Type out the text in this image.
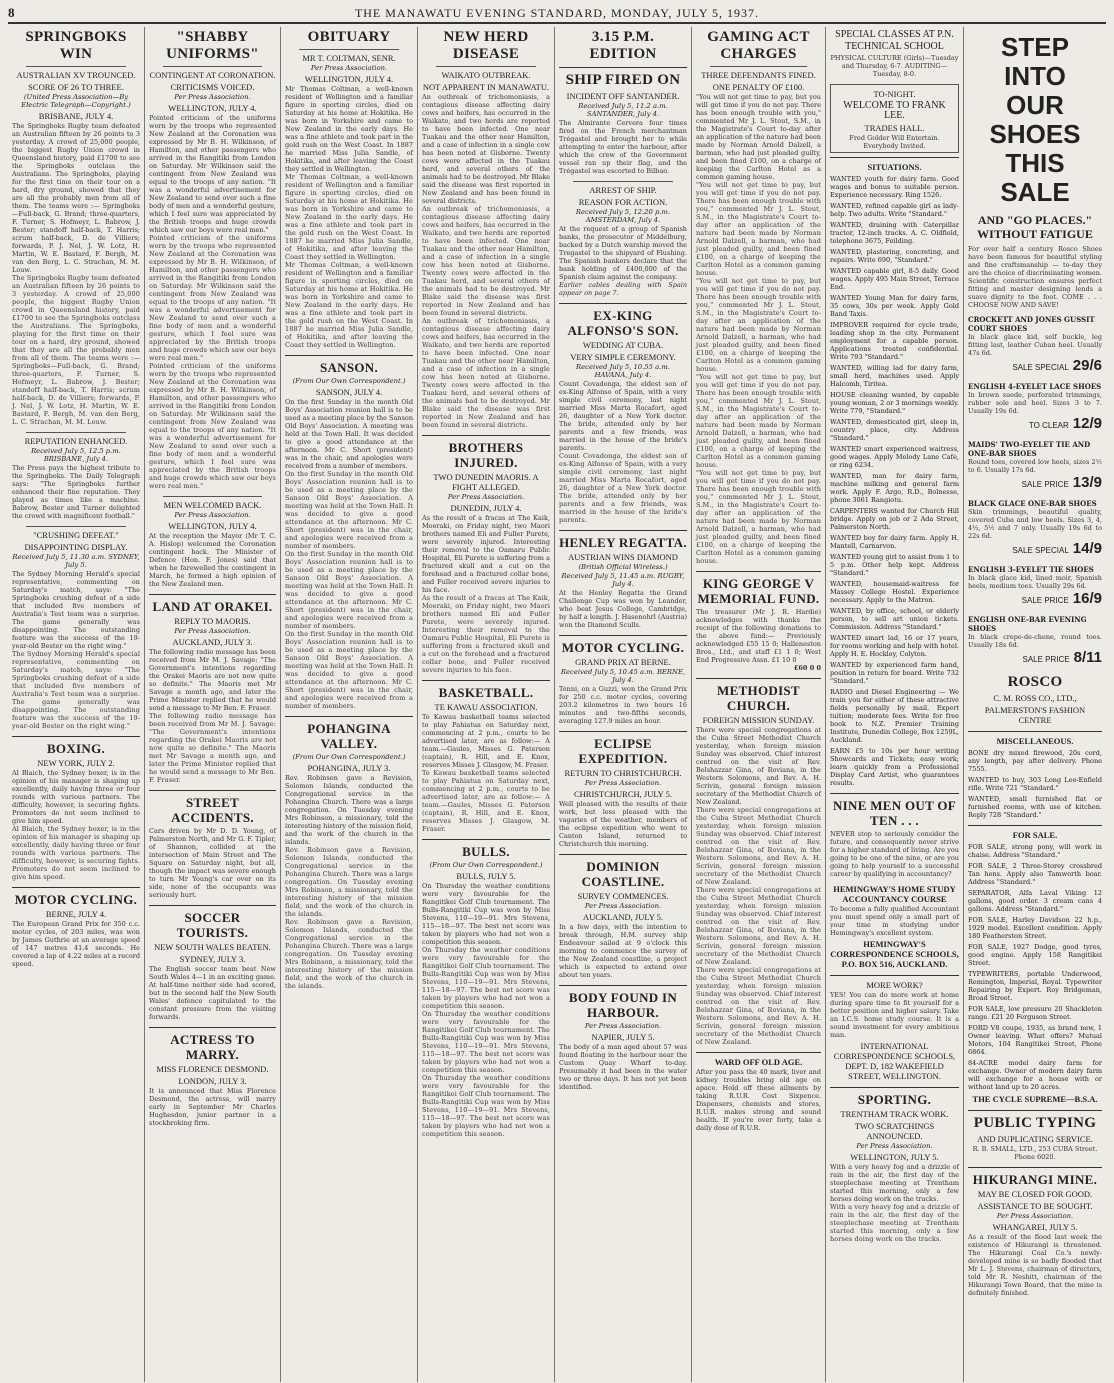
8	THE MANAWATU EVENING STANDARD, MONDAY, JULY 5, 1937.
SPRINGBOKS WIN
AUSTRALIAN XV TROUNCED.
SCORE OF 26 TO THREE.
(United Press Association—By Electric Telegraph—Copyright.)
BRISBANE, JULY 4.

The Springboks Rugby team defeated an Australian fifteen by 26 points to 3 yesterday. A crowd of 25,000 people, the biggest Rugby Union crowd in Queensland history, paid £1700 to see the Springboks outclass the Australians. The Springboks, playing for the first time on their tour on a hard, dry ground, showed that they are all the probably men from all of them. The teams were :— Springboks—Full-back, G. Brand; three-quarters, F. Turner, S. Hofmeyr, L. Babrow, J. Bester; standoff half-back, T. Harris; scrum half-back, D. de Villiers; forwards, P. J. Nel, J. W. Lotz, H. Martin, W. E. Bastard, F. Bergh, M. van den Berg, L. C. Strachan, M. M. Louw.

The Springboks Rugby team defeated an Australian fifteen by 26 points to 3 yesterday. A crowd of 25,000 people, the biggest Rugby Union crowd in Queensland history, paid £1700 to see the Springboks outclass the Australians. The Springboks, playing for the first time on their tour on a hard, dry ground, showed that they are all the probably men from all of them. The teams were :— Springboks—Full-back, G. Brand; three-quarters, F. Turner, S. Hofmeyr, L. Babrow, J. Bester; standoff half-back, T. Harris; scrum half-back, D. de Villiers; forwards, P. J. Nel, J. W. Lotz, H. Martin, W. E. Bastard, F. Bergh, M. van den Berg, L. C. Strachan, M. M. Louw.

REPUTATION ENHANCED.
Received July 5, 12.5 p.m. BRISBANE, July 4.

The Press pays the highest tribute to the Springboks. The Daily Telegraph says: "The Springboks further enhanced their fine reputation. They played as times like a machine. Babrow, Bester and Turner delighted the crowd with magnificent football."

"CRUSHING DEFEAT."
DISAPPOINTING DISPLAY.
Received July 5, 11.30 a.m. SYDNEY, July 5.

The Sydney Morning Herald's special representative, commenting on Saturday's match, says: "The Springboks crushing defeat of a side that included five members of Australia's Test team was a surprise. The game generally was disappointing. The outstanding feature was the success of the 19-year-old Bester on the right wing."

The Sydney Morning Herald's special representative, commenting on Saturday's match, says: "The Springboks crushing defeat of a side that included five members of Australia's Test team was a surprise. The game generally was disappointing. The outstanding feature was the success of the 19-year-old Bester on the right wing."

BOXING.
NEW YORK, JULY 2.

Al Blaich, the Sydney boxer, is in the opinion of his manager is shaping up excellently, daily having three or four rounds with various partners. The difficulty, however, is securing fights. Promoters do not seem inclined to give him speed.

Al Blaich, the Sydney boxer, is in the opinion of his manager is shaping up excellently, daily having three or four rounds with various partners. The difficulty, however, is securing fights. Promoters do not seem inclined to give him speed.

MOTOR CYCLING.
BERNE, JULY 4.

The European Grand Prix for 350 c.c. motor cycles, of 203 miles, was won by James Guthrie at an average speed of 147 metres 41.4 seconds. He covered a lap of 4.22 miles at a record speed.

"SHABBY UNIFORMS"
CONTINGENT AT CORONATION.
CRITICISMS VOICED.
Per Press Association.
WELLINGTON, JULY 4.

Pointed criticism of the uniforms worn by the troops who represented New Zealand at the Coronation was expressed by Mr B. H. Wilkinson, of Hamilton, and other passengers who arrived in the Rangitiki from London on Saturday. Mr Wilkinson said the contingent from New Zealand was equal to the troops of any nation. "It was a wonderful advertisement for New Zealand to send over such a fine body of men and a wonderful gesture, which I feel sure was appreciated by the British troops and huge crowds which saw our boys were real men."

Pointed criticism of the uniforms worn by the troops who represented New Zealand at the Coronation was expressed by Mr B. H. Wilkinson, of Hamilton, and other passengers who arrived in the Rangitiki from London on Saturday. Mr Wilkinson said the contingent from New Zealand was equal to the troops of any nation. "It was a wonderful advertisement for New Zealand to send over such a fine body of men and a wonderful gesture, which I feel sure was appreciated by the British troops and huge crowds which saw our boys were real men."

Pointed criticism of the uniforms worn by the troops who represented New Zealand at the Coronation was expressed by Mr B. H. Wilkinson, of Hamilton, and other passengers who arrived in the Rangitiki from London on Saturday. Mr Wilkinson said the contingent from New Zealand was equal to the troops of any nation. "It was a wonderful advertisement for New Zealand to send over such a fine body of men and a wonderful gesture, which I feel sure was appreciated by the British troops and huge crowds which saw our boys were real men."

MEN WELCOMED BACK.
Per Press Association.
WELLINGTON, JULY 4.

At the reception the Mayor (Mr T. C. A. Hislop) welcomed the Coronation contingent back. The Minister of Defence (Hon. F. Jones) said that when he farewelled the contingent in March, he formed a high opinion of the New Zealand men.

LAND AT ORAKEI.
REPLY TO MAORIS.
Per Press Association.
AUCKLAND, JULY 3.

The following radio message has been received from Mr M. J. Savage: "The Government's intentions regarding the Orakei Maoris are not now quite so definite." The Maoris met Mr Savage a month ago, and later the Prime Minister replied that he would send a message to Mr Ben. F. Fraser.

The following radio message has been received from Mr M. J. Savage: "The Government's intentions regarding the Orakei Maoris are not now quite so definite." The Maoris met Mr Savage a month ago, and later the Prime Minister replied that he would send a message to Mr Ben. F. Fraser.

STREET ACCIDENTS.

Cars driven by Mr D. D. Young, of Palmerston North, and Mr G. F. Tipler, of Shannon, collided at the intersection of Main Street and The Square on Saturday night, but all, though the impact was severe enough to turn Mr Young's car over on its side, none of the occupants was seriously hurt.

SOCCER TOURISTS.
NEW SOUTH WALES BEATEN.
SYDNEY, JULY 3.

The English soccer team beat New South Wales 4—1 in an exciting game. At half-time neither side had scored, but in the second half the New South Wales' defence capitulated to the constant pressure from the visiting forwards.

ACTRESS TO MARRY.
MISS FLORENCE DESMOND.
LONDON, JULY 3.

It is announced that Miss Florence Desmond, the actress, will marry early in September Mr Charles Hughesdon, junior partner in a stockbroking firm.

OBITUARY
MR T. COLTMAN, SENR.
Per Press Association.
WELLINGTON, JULY 4.

Mr Thomas Coltman, a well-known resident of Wellington and a familiar figure in sporting circles, died on Saturday at his home at Hokitika. He was born in Yorkshire and came to New Zealand in the early days. He was a fine athlete and took part in the gold rush on the West Coast. In 1887 he married Miss Julia Sandle, of Hokitika, and after leaving the Coast they settled in Wellington.

Mr Thomas Coltman, a well-known resident of Wellington and a familiar figure in sporting circles, died on Saturday at his home at Hokitika. He was born in Yorkshire and came to New Zealand in the early days. He was a fine athlete and took part in the gold rush on the West Coast. In 1887 he married Miss Julia Sandle, of Hokitika, and after leaving the Coast they settled in Wellington.

Mr Thomas Coltman, a well-known resident of Wellington and a familiar figure in sporting circles, died on Saturday at his home at Hokitika. He was born in Yorkshire and came to New Zealand in the early days. He was a fine athlete and took part in the gold rush on the West Coast. In 1887 he married Miss Julia Sandle, of Hokitika, and after leaving the Coast they settled in Wellington.

SANSON.
(From Our Own Correspondent.)
SANSON, JULY 4.

On the first Sunday in the month Old Boys' Association reunion hall is to be used as a meeting place by the Sanson Old Boys' Association. A meeting was held at the Town Hall. It was decided to give a good attendance at the afternoon. Mr C. Short (president) was in the chair, and apologies were received from a number of members.

On the first Sunday in the month Old Boys' Association reunion hall is to be used as a meeting place by the Sanson Old Boys' Association. A meeting was held at the Town Hall. It was decided to give a good attendance at the afternoon. Mr C. Short (president) was in the chair, and apologies were received from a number of members.

On the first Sunday in the month Old Boys' Association reunion hall is to be used as a meeting place by the Sanson Old Boys' Association. A meeting was held at the Town Hall. It was decided to give a good attendance at the afternoon. Mr C. Short (president) was in the chair, and apologies were received from a number of members.

On the first Sunday in the month Old Boys' Association reunion hall is to be used as a meeting place by the Sanson Old Boys' Association. A meeting was held at the Town Hall. It was decided to give a good attendance at the afternoon. Mr C. Short (president) was in the chair, and apologies were received from a number of members.

POHANGINA VALLEY.
(From Our Own Correspondent.)
POHANGINA, JULY 3.

Rev. Robinson gave a Revision, Solomon Islands, conducted the Congregational service in the Pohangina Church. There was a large congregation. On Tuesday evening Mrs Robinson, a missionary, told the interesting history of the mission field, and the work of the church in the islands.

Rev. Robinson gave a Revision, Solomon Islands, conducted the Congregational service in the Pohangina Church. There was a large congregation. On Tuesday evening Mrs Robinson, a missionary, told the interesting history of the mission field, and the work of the church in the islands.

Rev. Robinson gave a Revision, Solomon Islands, conducted the Congregational service in the Pohangina Church. There was a large congregation. On Tuesday evening Mrs Robinson, a missionary, told the interesting history of the mission field, and the work of the church in the islands.

NEW HERD DISEASE
WAIKATO OUTBREAK.
NOT APPARENT IN MANAWATU.

An outbreak of trichomoniasis, a contagious disease affecting dairy cows and heifers, has occurred in the Waikato, and two herds are reported to have been infected. One near Tuakau and the other near Hamilton, and a case of infection in a single cow has been noted at Gisborne. Twenty cows were affected in the Tuakau herd, and several others of the animals had to be destroyed. Mr Blake said the disease was first reported in New Zealand and has been found in several districts.

An outbreak of trichomoniasis, a contagious disease affecting dairy cows and heifers, has occurred in the Waikato, and two herds are reported to have been infected. One near Tuakau and the other near Hamilton, and a case of infection in a single cow has been noted at Gisborne. Twenty cows were affected in the Tuakau herd, and several others of the animals had to be destroyed. Mr Blake said the disease was first reported in New Zealand and has been found in several districts.

An outbreak of trichomoniasis, a contagious disease affecting dairy cows and heifers, has occurred in the Waikato, and two herds are reported to have been infected. One near Tuakau and the other near Hamilton, and a case of infection in a single cow has been noted at Gisborne. Twenty cows were affected in the Tuakau herd, and several others of the animals had to be destroyed. Mr Blake said the disease was first reported in New Zealand and has been found in several districts.

BROTHERS INJURED.
TWO DUNEDIN MAORIS. A FIGHT ALLEGED.
Per Press Association.
DUNEDIN, JULY 4.

As the result of a fracas at The Kaik, Moeraki, on Friday night, two Maori brothers named Eli and Fuller Purete, were severely injured. Interesting their removal to the Oamaru Public Hospital, Eli Purete is suffering from a fractured skull and a cut on the forehead and a fractured collar bone, and Fuller received severe injuries to his face.

As the result of a fracas at The Kaik, Moeraki, on Friday night, two Maori brothers named Eli and Fuller Purete, were severely injured. Interesting their removal to the Oamaru Public Hospital, Eli Purete is suffering from a fractured skull and a cut on the forehead and a fractured collar bone, and Fuller received severe injuries to his face.

BASKETBALL.
TE KAWAU ASSOCIATION.

Te Kawau basketball teams selected to play Pahiatua on Saturday next, commencing at 2 p.m., courts to be advertised later, are as follow:— A team.—Gaules, Misses G. Paterson (captain), R. Hill, and E. Knox, reserves Misses J. Glasgow, M. Fraser.

Te Kawau basketball teams selected to play Pahiatua on Saturday next, commencing at 2 p.m., courts to be advertised later, are as follow:— A team.—Gaules, Misses G. Paterson (captain), R. Hill, and E. Knox, reserves Misses J. Glasgow, M. Fraser.

BULLS.
(From Our Own Correspondent.)
BULLS, JULY 5.

On Thursday the weather conditions were very favourable for the Rangitikei Golf Club tournament. The Bulls-Rangitiki Cup was won by Miss Stevens, 110—19—91. Mrs Stevens, 115—18—97. The best net score was taken by players who had not won a competition this season.

On Thursday the weather conditions were very favourable for the Rangitikei Golf Club tournament. The Bulls-Rangitiki Cup was won by Miss Stevens, 110—19—91. Mrs Stevens, 115—18—97. The best net score was taken by players who had not won a competition this season.

On Thursday the weather conditions were very favourable for the Rangitikei Golf Club tournament. The Bulls-Rangitiki Cup was won by Miss Stevens, 110—19—91. Mrs Stevens, 115—18—97. The best net score was taken by players who had not won a competition this season.

On Thursday the weather conditions were very favourable for the Rangitikei Golf Club tournament. The Bulls-Rangitiki Cup was won by Miss Stevens, 110—19—91. Mrs Stevens, 115—18—97. The best net score was taken by players who had not won a competition this season.

3.15 P.M. EDITION
SHIP FIRED ON
INCIDENT OFF SANTANDER.
Received July 5, 11.2 a.m. SANTANDER, July 4.

The Almirante Cervera four times fired on the French merchantman Trégastel and brought her to while attempting to enter the harbour, after which the crew of the Government vessel ran up their flag, and the Trégastel was escorted to Bilbao.

ARREST OF SHIP.
REASON FOR ACTION.
Received July 5, 12.20 p.m. AMSTERDAM, July 4.

At the request of a group of Spanish banks, the prosecutor of Middelburg, backed by a Dutch warship moved the Tregastel to the shipyard of Flushing. The Spanish bankers declare that the bank holding of £400,000 of the Spanish claim against the company.

Earlier cables dealing with Spain appear on page 7.

EX-KING ALFONSO'S SON.
WEDDING AT CUBA.
VERY SIMPLE CEREMONY.
Received July 5, 10.55 a.m. HAVANA, July 4.

Count Covadonga, the eldest son of ex-King Alfonso of Spain, with a very simple civil ceremony, last night married Miss Marta Rocafort, aged 26, daughter of a New York doctor. The bride, attended only by her parents and a few friends, was married in the house of the bride's parents.

Count Covadonga, the eldest son of ex-King Alfonso of Spain, with a very simple civil ceremony, last night married Miss Marta Rocafort, aged 26, daughter of a New York doctor. The bride, attended only by her parents and a few friends, was married in the house of the bride's parents.

HENLEY REGATTA.
AUSTRIAN WINS DIAMOND
(British Official Wireless.)
Received July 5, 11.45 a.m. RUGBY, July 4.

At the Henley Regatta the Grand Challenge Cup was won by Leander, who beat Jesus College, Cambridge, by half a length. J. Hasenohrl (Austria) won the Diamond Sculls.

MOTOR CYCLING.
GRAND PRIX AT BERNE.
Received July 5, 10.45 a.m. BERNE, July 4.

Tenni, on a Guzzi, won the Grand Prix for 250 c.c. motor cycles, covering 203.2 kilometres in two hours 16 minutes and two-fifths seconds, averaging 127.9 miles an hour.

ECLIPSE EXPEDITION.
RETURN TO CHRISTCHURCH.
Per Press Association.
CHRISTCHURCH, JULY 5.

Well pleased with the results of their work, but less pleased with the vagaries of the weather, members of the eclipse expedition who went to Canton Island, returned to Christchurch this morning.

DOMINION COASTLINE.
SURVEY COMMENCES.
Per Press Association.
AUCKLAND, JULY 5.

In a few days, with the intention to break through, H.M. survey ship Endeavour sailed at 9 o'clock this morning to commence the survey of the New Zealand coastline, a project which is expected to extend over about ten years.

BODY FOUND IN HARBOUR.
Per Press Association.
NAPIER, JULY 5.

The body of a man aged about 57 was found floating in the harbour near the Custom Quay Wharf to-day. Presumably it had been in the water two or three days. It has not yet been identified.

GAMING ACT CHARGES
THREE DEFENDANTS FINED.
ONE PENALTY OF £100.

"You will not get time to pay, but you will get time if you do not pay. There has been enough trouble with you," commented Mr J. L. Stout, S.M., in the Magistrate's Court to-day after an application of the nature had been made by Norman Arnold Dalzell, a barman, who had just pleaded guilty, and been fined £100, on a charge of keeping the Carlton Hotel as a common gaming house.

"You will not get time to pay, but you will get time if you do not pay. There has been enough trouble with you," commented Mr J. L. Stout, S.M., in the Magistrate's Court to-day after an application of the nature had been made by Norman Arnold Dalzell, a barman, who had just pleaded guilty, and been fined £100, on a charge of keeping the Carlton Hotel as a common gaming house.

"You will not get time to pay, but you will get time if you do not pay. There has been enough trouble with you," commented Mr J. L. Stout, S.M., in the Magistrate's Court to-day after an application of the nature had been made by Norman Arnold Dalzell, a barman, who had just pleaded guilty, and been fined £100, on a charge of keeping the Carlton Hotel as a common gaming house.

"You will not get time to pay, but you will get time if you do not pay. There has been enough trouble with you," commented Mr J. L. Stout, S.M., in the Magistrate's Court to-day after an application of the nature had been made by Norman Arnold Dalzell, a barman, who had just pleaded guilty, and been fined £100, on a charge of keeping the Carlton Hotel as a common gaming house.

"You will not get time to pay, but you will get time if you do not pay. There has been enough trouble with you," commented Mr J. L. Stout, S.M., in the Magistrate's Court to-day after an application of the nature had been made by Norman Arnold Dalzell, a barman, who had just pleaded guilty, and been fined £100, on a charge of keeping the Carlton Hotel as a common gaming house.

KING GEORGE V MEMORIAL FUND.

The treasurer (Mr J. R. Hardie) acknowledges with thanks the receipt of the following donations to the above fund:— Previously acknowledged £55 15 0; Halleneston Bros., Ltd., and staff £1 1 0; West End Progressive Assn. £1 10 0

£60 0 0

METHODIST CHURCH.
FOREIGN MISSION SUNDAY.

There were special congregations at the Cuba Street Methodist Church yesterday, when foreign mission Sunday was observed. Chief interest centred on the visit of Rev. Belshazzar Gina, of Roviana, in the Western Solomons, and Rev. A. H. Scrivin, general foreign mission secretary of the Methodist Church of New Zealand.

There were special congregations at the Cuba Street Methodist Church yesterday, when foreign mission Sunday was observed. Chief interest centred on the visit of Rev. Belshazzar Gina, of Roviana, in the Western Solomons, and Rev. A. H. Scrivin, general foreign mission secretary of the Methodist Church of New Zealand.

There were special congregations at the Cuba Street Methodist Church yesterday, when foreign mission Sunday was observed. Chief interest centred on the visit of Rev. Belshazzar Gina, of Roviana, in the Western Solomons, and Rev. A. H. Scrivin, general foreign mission secretary of the Methodist Church of New Zealand.

There were special congregations at the Cuba Street Methodist Church yesterday, when foreign mission Sunday was observed. Chief interest centred on the visit of Rev. Belshazzar Gina, of Roviana, in the Western Solomons, and Rev. A. H. Scrivin, general foreign mission secretary of the Methodist Church of New Zealand.

WARD OFF OLD AGE.

After you pass the 40 mark, liver and kidney troubles bring old age on apace. Hold off these ailments by taking R.U.R. Cost Sixpence. Dispensers, chemists and stores, R.U.R. makes strong and sound health. If you're over forty, take a daily dose of R.U.R.

SPECIAL CLASSES AT P.N. TECHNICAL SCHOOL

PHYSICAL CULTURE (Girls)—Tuesday and Thursday, 6-7. AUDITING—Tuesday, 8-0.

TO-NIGHT.
WELCOME TO FRANK LEE.
TRADES HALL.

Fred Golder Will Entertain. Everybody Invited.

SITUATIONS.

WANTED youth for dairy farm. Good wages and bonus to suitable person. Experience necessary. Ring 1526.

WANTED, refined capable girl as lady-help. Two adults. Write "Standard."

WANTED, draining with Caterpillar tractor, 12-inch tracks. A. C. Oldfield, telephone 3675, Feilding.

WANTED, plastering, concreting, and repairs. Write 690, "Standard."

WANTED capable girl, 8-5 daily. Good wages. Apply 495 Main Street, Terrace End.

WANTED Young Man for dairy farm, 35 cows, 30s per week. Apply Gold Band Taxis.

IMPROVER required for cycle trade, leading shop in the city. Permanent employment for a capable person. Applications treated confidential. Write 793 "Standard."

WANTED, willing lad for dairy farm, small herd, machines used. Apply Halcomb, Tiritea.

HOUSE cleaning wanted, by capable young woman, 2 or 3 mornings weekly. Write 779, "Standard."

WANTED, domesticated girl, sleep in, country place, city. Address "Standard."

WANTED smart experienced waitress, good wages. Apply Melody Lane Cafe, or ring 6234.

WANTED, man for dairy farm, machine milking and general farm work. Apply F. Argo, R.D., Bolnesse, phone 3061 Rangiotu.

CARPENTERS wanted for Church Hill bridge. Apply on job or 2 Ada Street, Palmerston North.

WANTED boy for dairy farm. Apply H. Mantell, Carnarvon.

WANTED young girl to assist from 1 to 5 p.m. Other help kept. Address "Standard."

WANTED, housemaid-waitress for Massey College Hostel. Experience necessary. Apply to the Matron.

WANTED, by office, school, or elderly person, to sell art union tickets. Commission. Address "Standard."

WANTED smart lad, 16 or 17 years, for rooms working and help with hotel. Apply H. E. Hockley, Colyton.

WANTED by experienced farm hand, position in return for board. Write 732 "Standard."

RADIO and Diesel Engineering — We train you for either of these attractive fields personally by mail. Expert tuition; moderate fees. Write for free book to N.Z. Premier Training Institute, Dunedin College, Box 1259L, Auckland.

EARN £5 to 10s per hour writing Showcards and Tickets; easy work; learn quickly from a Professional Display Card Artist, who guarantees results.

NINE MEN OUT OF TEN . . .

NEVER stop to seriously consider the future, and consequently never strive for a higher standard of living. Are you going to be one of the nine, or are you going to help yourself to a successful career by qualifying in accountancy?

HEMINGWAY'S HOME STUDY ACCOUNTANCY COURSE

To become a fully qualified Accountant you must spend only a small part of your time in studying under Hemingway's excellent system.

HEMINGWAY'S CORRESPONDENCE SCHOOLS, P.O. BOX 516, AUCKLAND.
MORE WORK?

YES! You can do more work at home during spare time to fit yourself for a better position and higher salary. Take an I.C.S. home study course. It is a sound investment for every ambitious man.

INTERNATIONAL CORRESPONDENCE SCHOOLS, DEPT. D, 182 WAKEFIELD STREET, WELLINGTON.
SPORTING.
TRENTHAM TRACK WORK.
TWO SCRATCHINGS ANNOUNCED.
Per Press Association.
WELLINGTON, JULY 5.

With a very heavy fog and a drizzle of rain in the air, the first day of the steeplechase meeting at Trentham started this morning, only a few horses doing work on the tracks.

With a very heavy fog and a drizzle of rain in the air, the first day of the steeplechase meeting at Trentham started this morning, only a few horses doing work on the tracks.

STEP
INTO
OUR
SHOES
THIS
SALE
AND "GO PLACES." WITHOUT FATIGUE

For over half a century Rosco Shoes have been famous for beautiful styling and fine craftsmanship — to-day they are the choice of discriminating women. Scientific construction ensures perfect fitting and master designing lends a suave dignity to the foot. COME . . . CHOOSE NOW AND SAVE!

CROCKETT AND JONES GUSSIT COURT SHOES

In black glace kid, self buckle, leg fitting last, leather Cuban heel. Usually 47s 6d.

SALE SPECIAL 29/6
ENGLISH 4-EYELET LACE SHOES

In brown suede, perforated trimmings, rubber sole and heel. Sizes 3 to 7. Usually 19s 6d.

TO CLEAR 12/9
MAIDS' TWO-EYELET TIE AND ONE-BAR SHOES

Round toes, covered low heels, sizes 2½ to 6. Usually 17s 6d.

SALE PRICE 13/9
BLACK GLACE ONE-BAR SHOES

Skin trimmings, beautiful quality, covered Cuba and low heels. Sizes 3, 4, 4½, 5½ and 7 only. Usually 19s 6d to 22s 6d.

SALE SPECIAL 14/9
ENGLISH 3-EYELET TIE SHOES

In black glace kid, lined moir, Spanish heels, medium toes. Usually 29s 6d.

SALE PRICE 16/9
ENGLISH ONE-BAR EVENING SHOES

In black crepe-de-chene, round toes. Usually 18s 6d.

SALE PRICE 8/11
ROSCO
C. M. ROSS CO., LTD.,
PALMERSTON'S FASHION CENTRE
MISCELLANEOUS.

BONE dry mixed firewood, 20s cord, any length, pay after delivery. Phone 7555.

WANTED to buy, 303 Long Lee-Enfield rifle. Write 721 "Standard."

WANTED, small furnished flat or furnished rooms, with use of kitchen. Reply 728 "Standard."

FOR SALE.

FOR SALE, strong pony, will work in chaise. Address "Standard."

FOR SALE, 2 Three-Storey crossbred Tan hens. Apply also Tamworth boar. Address "Standard."

SEPARATOR, Alfa Laval Viking 12 gallons, good order. 3 cream cans 4 gallons. Address "Standard."

FOR SALE, Harley Davidson 22 h.p., 1929 model. Excellent condition. Apply 180 Featherston Street.

FOR SALE, 1927 Dodge, good tyres, good engine. Apply 158 Rangitikei Street.

TYPEWRITERS, portable Underwood, Remington, Imperial, Royal. Typewriter Repairing by Expert. Roy Bridgeman, Broad Street.

FOR SALE, low pressure 20 Shackleton range. £21 20 Ferguson Street.

FORD V8 coupe, 1935, as brand new, 1 Owner leaving. What offers? Mutual Motors, 104 Rangitikei Street, Phone 6864.

84-ACRE model dairy farm for exchange. Owner of modern dairy farm will exchange for a house with or without land up to 20 acres.

THE CYCLE SUPREME—B.S.A.
PUBLIC TYPING
AND DUPLICATING SERVICE.

R. B. SMALL, LTD., 253 CUBA Street. Phone 6020.

HIKURANGI MINE.
MAY BE CLOSED FOR GOOD.
ASSISTANCE TO BE SOUGHT.
Per Press Association.
WHANGAREI, JULY 5.

As a result of the flood last week the existence of Hikurangi is threatened. The Hikurangi Coal Co.'s newly-developed mine is so badly flooded that Mr L. J. Stevens, chairman of directors, told Mr R. Nesbitt, chairman of the Hikurangi Town Board, that the mine is definitely finished.
